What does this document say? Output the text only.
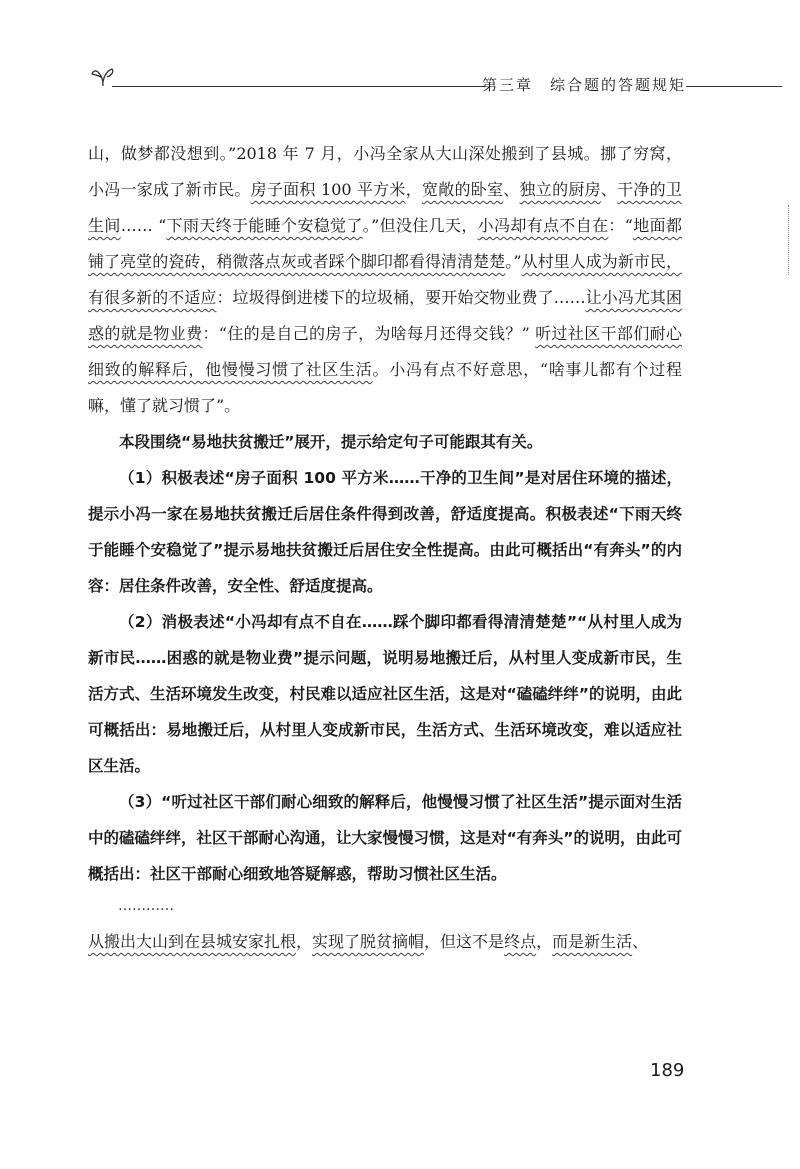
第三章　综合题的答题规矩

山，做梦都没想到。”2018 年 7 月，小冯全家从大山深处搬到了县城。挪了穷窝，小冯一家成了新市民。房子面积 100 平方米，宽敞的卧室、独立的厨房、干净的卫生间…… “下雨天终于能睡个安稳觉了。”但没住几天，小冯却有点不自在：“地面都铺了亮堂的瓷砖，稍微落点灰或者踩个脚印都看得清清楚楚。”从村里人成为新市民，有很多新的不适应：垃圾得倒进楼下的垃圾桶，要开始交物业费了……让小冯尤其困惑的就是物业费：“住的是自己的房子，为啥每月还得交钱？” 听过社区干部们耐心细致的解释后，他慢慢习惯了社区生活。小冯有点不好意思，“啥事儿都有个过程嘛，懂了就习惯了”。

本段围绕“易地扶贫搬迁”展开，提示给定句子可能跟其有关。

（1）积极表述“房子面积 100 平方米……干净的卫生间”是对居住环境的描述，提示小冯一家在易地扶贫搬迁后居住条件得到改善，舒适度提高。积极表述“下雨天终于能睡个安稳觉了”提示易地扶贫搬迁后居住安全性提高。由此可概括出“有奔头”的内容：居住条件改善，安全性、舒适度提高。

（2）消极表述“小冯却有点不自在……踩个脚印都看得清清楚楚”“从村里人成为新市民……困惑的就是物业费”提示问题，说明易地搬迁后，从村里人变成新市民，生活方式、生活环境发生改变，村民难以适应社区生活，这是对“磕磕绊绊”的说明，由此可概括出：易地搬迁后，从村里人变成新市民，生活方式、生活环境改变，难以适应社区生活。

（3）“听过社区干部们耐心细致的解释后，他慢慢习惯了社区生活”提示面对生活中的磕磕绊绊，社区干部耐心沟通，让大家慢慢习惯，这是对“有奔头”的说明，由此可概括出：社区干部耐心细致地答疑解惑，帮助习惯社区生活。

…………

从搬出大山到在县城安家扎根，实现了脱贫摘帽，但这不是终点，而是新生活、

189
